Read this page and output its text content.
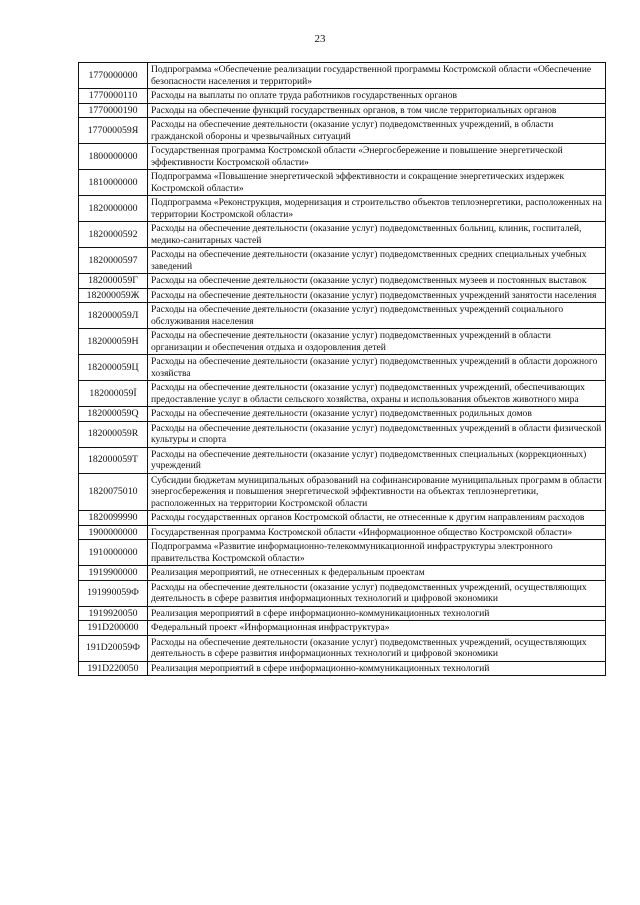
23
1770000000	Подпрограмма «Обеспечение реализации государственной программы Костромской области «Обеспечение безопасности населения и территорий»
1770000110	Расходы на выплаты по оплате труда работников государственных органов
1770000190	Расходы на обеспечение функций государственных органов, в том числе территориальных органов
177000059Я	Расходы на обеспечение деятельности (оказание услуг) подведомственных учреждений, в области гражданской обороны и чрезвычайных ситуаций
1800000000	Государственная программа Костромской области «Энергосбережение и повышение энергетической эффективности Костромской области»
1810000000	Подпрограмма «Повышение энергетической эффективности и сокращение энергетических издержек Костромской области»
1820000000	Подпрограмма «Реконструкция, модернизация и строительство объектов теплоэнергетики, расположенных на территории Костромской области»
1820000592	Расходы на обеспечение деятельности (оказание услуг) подведомственных больниц, клиник, госпиталей, медико-санитарных частей
1820000597	Расходы на обеспечение деятельности (оказание услуг) подведомственных средних специальных учебных заведений
182000059Г	Расходы на обеспечение деятельности (оказание услуг) подведомственных музеев и постоянных выставок
182000059Ж	Расходы на обеспечение деятельности (оказание услуг) подведомственных учреждений занятости населения
182000059Л	Расходы на обеспечение деятельности (оказание услуг) подведомственных учреждений социального обслуживания населения
182000059Н	Расходы на обеспечение деятельности (оказание услуг) подведомственных учреждений в области организации и обеспечения отдыха и оздоровления детей
182000059Ц	Расходы на обеспечение деятельности (оказание услуг) подведомственных учреждений в области дорожного хозяйства
182000059Ї	Расходы на обеспечение деятельности (оказание услуг) подведомственных учреждений, обеспечивающих предоставление услуг в области сельского хозяйства, охраны и использования объектов животного мира
182000059Q	Расходы на обеспечение деятельности (оказание услуг) подведомственных родильных домов
182000059R	Расходы на обеспечение деятельности (оказание услуг) подведомственных учреждений в области физической культуры и спорта
182000059T	Расходы на обеспечение деятельности (оказание услуг) подведомственных специальных (коррекционных) учреждений
1820075010	Субсидии бюджетам муниципальных образований на софинансирование муниципальных программ в области энергосбережения и повышения энергетической эффективности на объектах теплоэнергетики, расположенных на территории Костромской области
1820099990	Расходы государственных органов Костромской области, не отнесенные к другим направлениям расходов
1900000000	Государственная программа Костромской области «Информационное общество Костромской области»
1910000000	Подпрограмма «Развитие информационно-телекоммуникационной инфраструктуры электронного правительства Костромской области»
1919900000	Реализация мероприятий, не отнесенных к федеральным проектам
191990059Ф	Расходы на обеспечение деятельности (оказание услуг) подведомственных учреждений, осуществляющих деятельность в сфере развития информационных технологий и цифровой экономики
1919920050	Реализация мероприятий в сфере информационно-коммуникационных технологий
191D200000	Федеральный проект «Информационная инфраструктура»
191D20059Ф	Расходы на обеспечение деятельности (оказание услуг) подведомственных учреждений, осуществляющих деятельность в сфере развития информационных технологий и цифровой экономики
191D220050	Реализация мероприятий в сфере информационно-коммуникационных технологий
